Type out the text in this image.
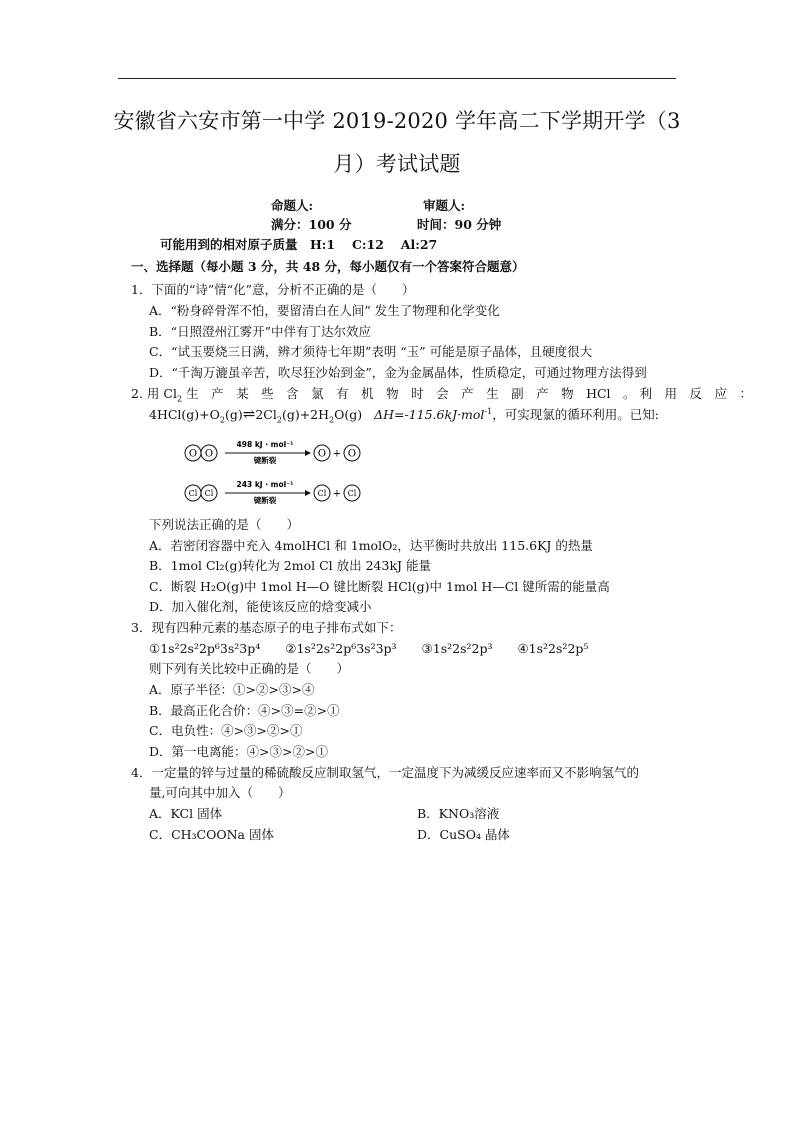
安徽省六安市第一中学 2019-2020 学年高二下学期开学（3
月）考试试题
命题人:	审题人:
满分：100 分	时间：90 分钟
可能用到的相对原子质量　H:1　 C:12　 Al:27
一、选择题（每小题 3 分，共 48 分，每小题仅有一个答案符合题意）
1．下面的“诗”情“化”意，分析不正确的是（　　）
A．“粉身碎骨浑不怕，要留清白在人间” 发生了物理和化学变化
B．“日照澄州江雾开”中伴有丁达尔效应
C．“试玉要烧三日满，辨才须待七年期”表明 “玉” 可能是原子晶体，且硬度很大
D．“千淘万漉虽辛苦，吹尽狂沙始到金”，金为金属晶体，性质稳定，可通过物理方法得到
2. 用 $Cl_2$ 生　产　某　些　含　氯　有　机　物　时　会　产　生　副　产　物　HCl　。 利　用　反　应　：
$4HCl(g)+O_2(g)\rightleftharpoons 2Cl_2(g)+2H_2O(g)$ ΔH=-115.6kJ·mol$^{-1}$，可实现氯的循环利用。已知:
O O
498 kJ · mol⁻¹
键断裂
O + O
Cl Cl
243 kJ · mol⁻¹
键断裂
Cl + Cl
下列说法正确的是（　　）
A．若密闭容器中充入 4molHCl 和 1molO₂，达平衡时共放出 115.6KJ 的热量
B．1mol Cl₂(g)转化为 2mol Cl 放出 243kJ 能量
C．断裂 H₂O(g)中 1mol H—O 键比断裂 HCl(g)中 1mol H—Cl 键所需的能量高
D．加入催化剂，能使该反应的焓变减小
3．现有四种元素的基态原子的电子排布式如下：
①1s²2s²2p⁶3s²3p⁴　　②1s²2s²2p⁶3s²3p³　　③1s²2s²2p³　　④1s²2s²2p⁵
则下列有关比较中正确的是（　　）
A．原子半径：①>②>③>④
B．最高正化合价：④>③=②>①
C．电负性：④>③>②>①
D．第一电离能：④>③>②>①
4．一定量的锌与过量的稀硫酸反应制取氢气，一定温度下为减缓反应速率而又不影响氢气的
量,可向其中加入（　　）
A．KCl 固体	B．KNO₃溶液
C．CH₃COONa 固体	D．CuSO₄ 晶体
